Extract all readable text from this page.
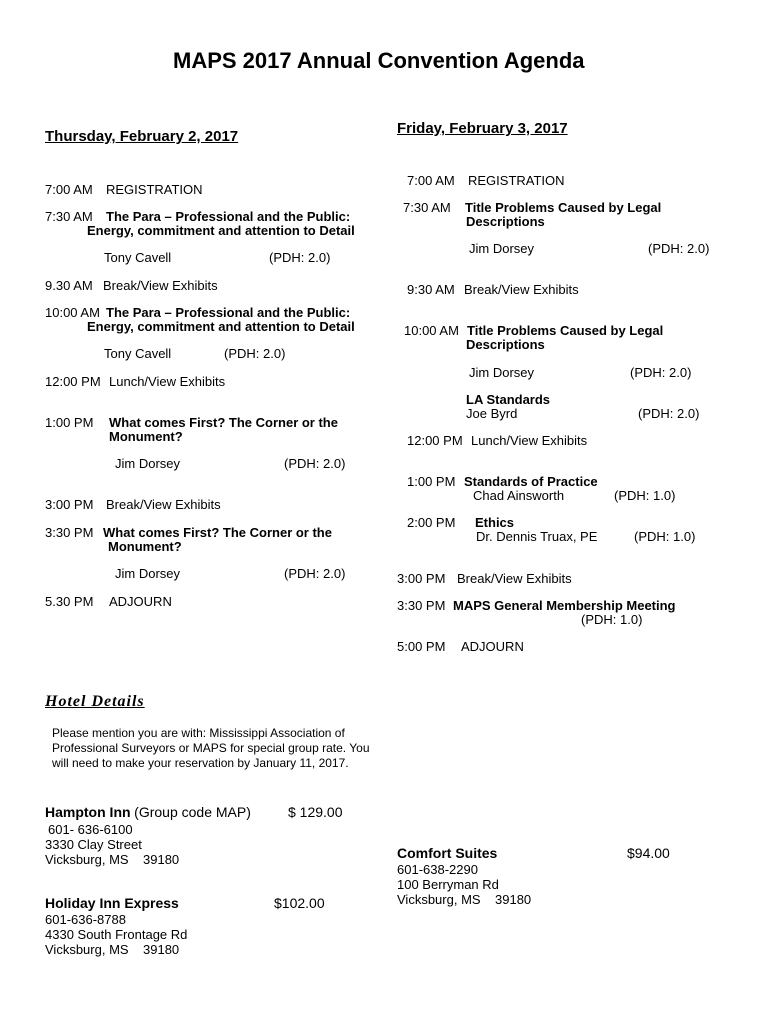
MAPS 2017 Annual Convention Agenda
Thursday, February 2, 2017
7:00 AM REGISTRATION
7:30 AM The Para – Professional and the Public:
Energy, commitment and attention to Detail
Tony Cavell	(PDH: 2.0)
9.30 AM Break/View Exhibits
10:00 AM The Para – Professional and the Public:
Energy, commitment and attention to Detail
Tony Cavell	(PDH: 2.0)
12:00 PM Lunch/View Exhibits
1:00 PM What comes First? The Corner or the
Monument?
Jim Dorsey	(PDH: 2.0)
3:00 PM Break/View Exhibits
3:30 PM What comes First? The Corner or the
Monument?
Jim Dorsey	(PDH: 2.0)
5.30 PM ADJOURN
Friday, February 3, 2017
7:00 AM REGISTRATION
7:30 AM Title Problems Caused by Legal
Descriptions
Jim Dorsey	(PDH: 2.0)
9:30 AM Break/View Exhibits
10:00 AM Title Problems Caused by Legal
Descriptions
Jim Dorsey	(PDH: 2.0)
LA Standards
Joe Byrd	(PDH: 2.0)
12:00 PM Lunch/View Exhibits
1:00 PM Standards of Practice
Chad Ainsworth	(PDH: 1.0)
2:00 PM Ethics
Dr. Dennis Truax, PE	(PDH: 1.0)
3:00 PM Break/View Exhibits
3:30 PM MAPS General Membership Meeting
(PDH: 1.0)
5:00 PM ADJOURN
Hotel Details
Please mention you are with: Mississippi Association of
Professional Surveyors or MAPS for special group rate. You
will need to make your reservation by January 11, 2017.
Hampton Inn (Group code MAP)	$ 129.00
601- 636-6100
3330 Clay Street
Vicksburg, MS    39180
Holiday Inn Express	$102.00
601-636-8788
4330 South Frontage Rd
Vicksburg, MS    39180
Comfort Suites	$94.00
601-638-2290
100 Berryman Rd
Vicksburg, MS    39180
